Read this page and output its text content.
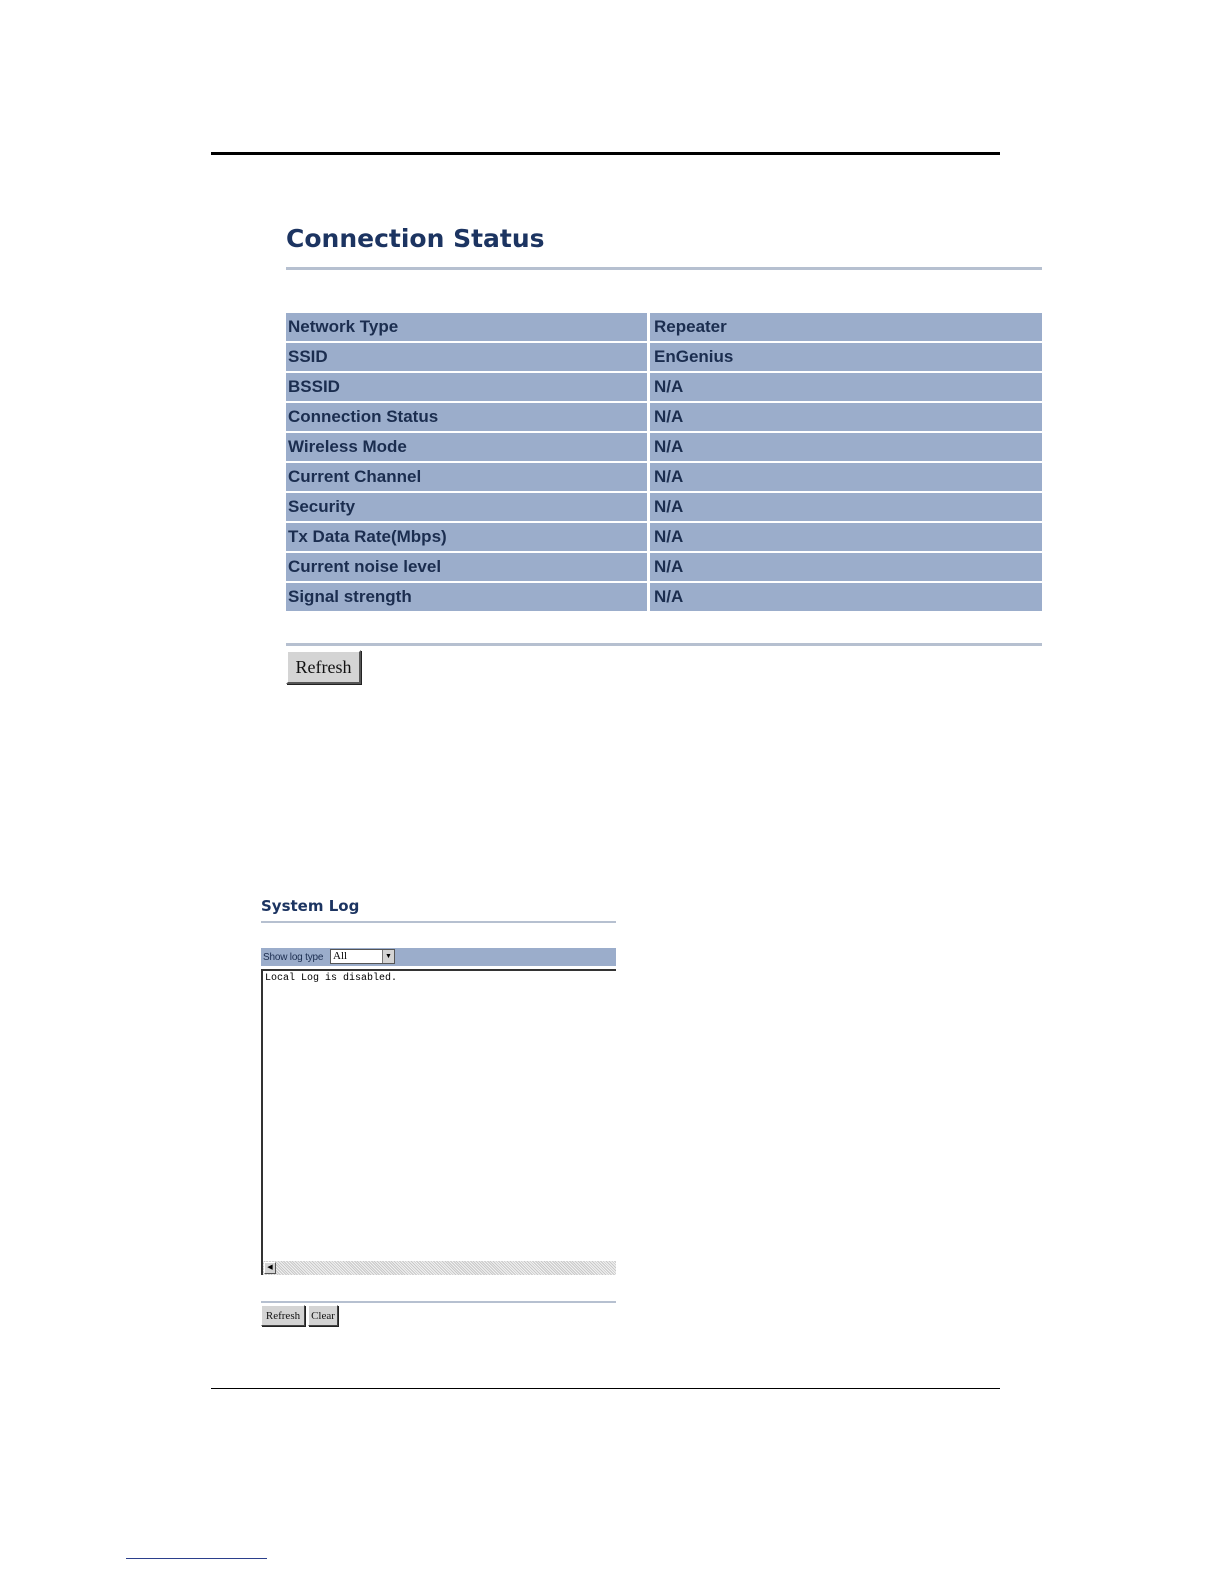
Connection Status
Network Type	Repeater
SSID	EnGenius
BSSID	N/A
Connection Status	N/A
Wireless Mode	N/A
Current Channel	N/A
Security	N/A
Tx Data Rate(Mbps)	N/A
Current noise level	N/A
Signal strength	N/A
Refresh
System Log
Show log type All	▼
Local Log is disabled.
◀
Refresh Clear
